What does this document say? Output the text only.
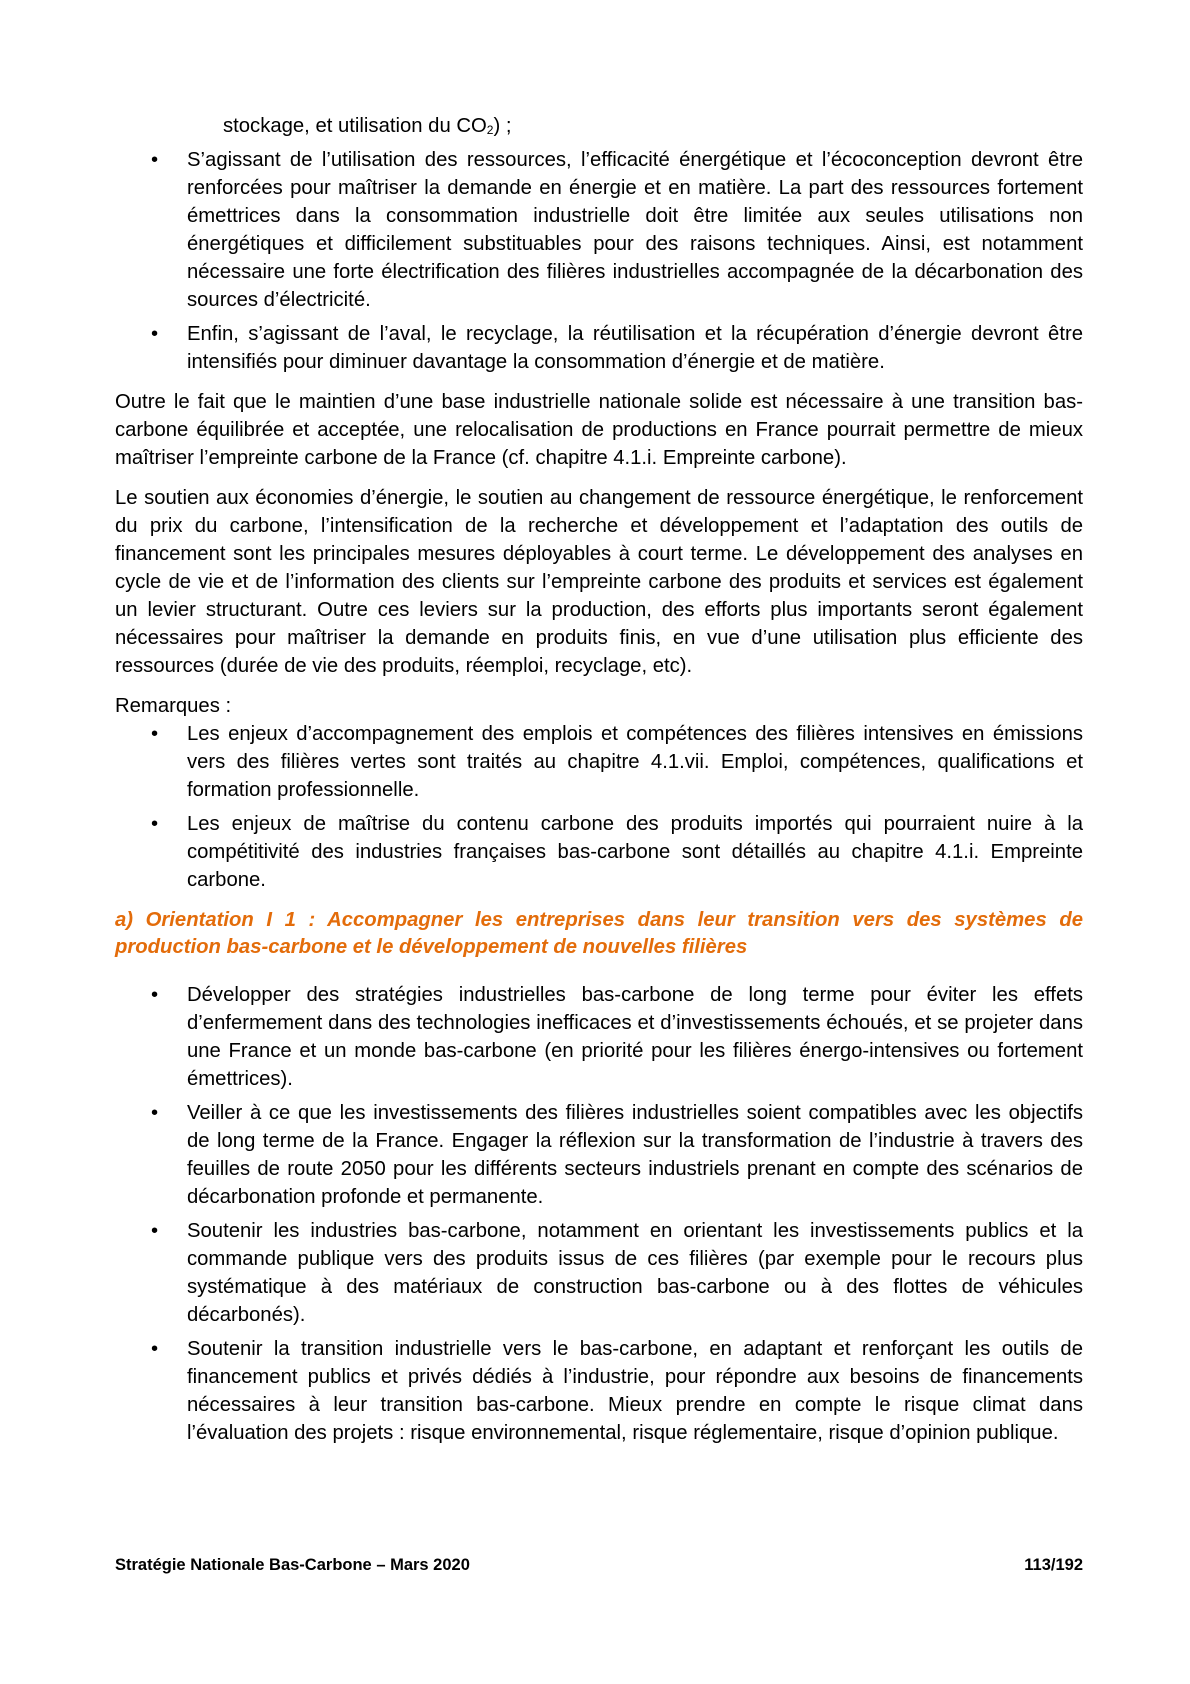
stockage, et utilisation du $CO_2$) ;

• S’agissant de l’utilisation des ressources, l’efficacité énergétique et l’écoconception devront être renforcées pour maîtriser la demande en énergie et en matière. La part des ressources fortement émettrices dans la consommation industrielle doit être limitée aux seules utilisations non énergétiques et difficilement substituables pour des raisons techniques. Ainsi, est notamment nécessaire une forte électrification des filières industrielles accompagnée de la décarbonation des sources d’électricité.
• Enfin, s’agissant de l’aval, le recyclage, la réutilisation et la récupération d’énergie devront être intensifiés pour diminuer davantage la consommation d’énergie et de matière.

Outre le fait que le maintien d’une base industrielle nationale solide est nécessaire à une transition bas-carbone équilibrée et acceptée, une relocalisation de productions en France pourrait permettre de mieux maîtriser l’empreinte carbone de la France (cf. chapitre 4.1.i. Empreinte carbone).

Le soutien aux économies d’énergie, le soutien au changement de ressource énergétique, le renforcement du prix du carbone, l’intensification de la recherche et développement et l’adaptation des outils de financement sont les principales mesures déployables à court terme. Le développement des analyses en cycle de vie et de l’information des clients sur l’empreinte carbone des produits et services est également un levier structurant. Outre ces leviers sur la production, des efforts plus importants seront également nécessaires pour maîtriser la demande en produits finis, en vue d’une utilisation plus efficiente des ressources (durée de vie des produits, réemploi, recyclage, etc).

Remarques :

• Les enjeux d’accompagnement des emplois et compétences des filières intensives en émissions vers des filières vertes sont traités au chapitre 4.1.vii. Emploi, compétences, qualifications et formation professionnelle.
• Les enjeux de maîtrise du contenu carbone des produits importés qui pourraient nuire à la compétitivité des industries françaises bas-carbone sont détaillés au chapitre 4.1.i. Empreinte carbone.

a) Orientation I 1 : Accompagner les entreprises dans leur transition vers des systèmes de production bas-carbone et le développement de nouvelles filières

• Développer des stratégies industrielles bas-carbone de long terme pour éviter les effets d’enfermement dans des technologies inefficaces et d’investissements échoués, et se projeter dans une France et un monde bas-carbone (en priorité pour les filières énergo-intensives ou fortement émettrices).
• Veiller à ce que les investissements des filières industrielles soient compatibles avec les objectifs de long terme de la France. Engager la réflexion sur la transformation de l’industrie à travers des feuilles de route 2050 pour les différents secteurs industriels prenant en compte des scénarios de décarbonation profonde et permanente.
• Soutenir les industries bas-carbone, notamment en orientant les investissements publics et la commande publique vers des produits issus de ces filières (par exemple pour le recours plus systématique à des matériaux de construction bas-carbone ou à des flottes de véhicules décarbonés).
• Soutenir la transition industrielle vers le bas-carbone, en adaptant et renforçant les outils de financement publics et privés dédiés à l’industrie, pour répondre aux besoins de financements nécessaires à leur transition bas-carbone. Mieux prendre en compte le risque climat dans l’évaluation des projets : risque environnemental, risque réglementaire, risque d’opinion publique.
Stratégie Nationale Bas-Carbone – Mars 2020	113/192
